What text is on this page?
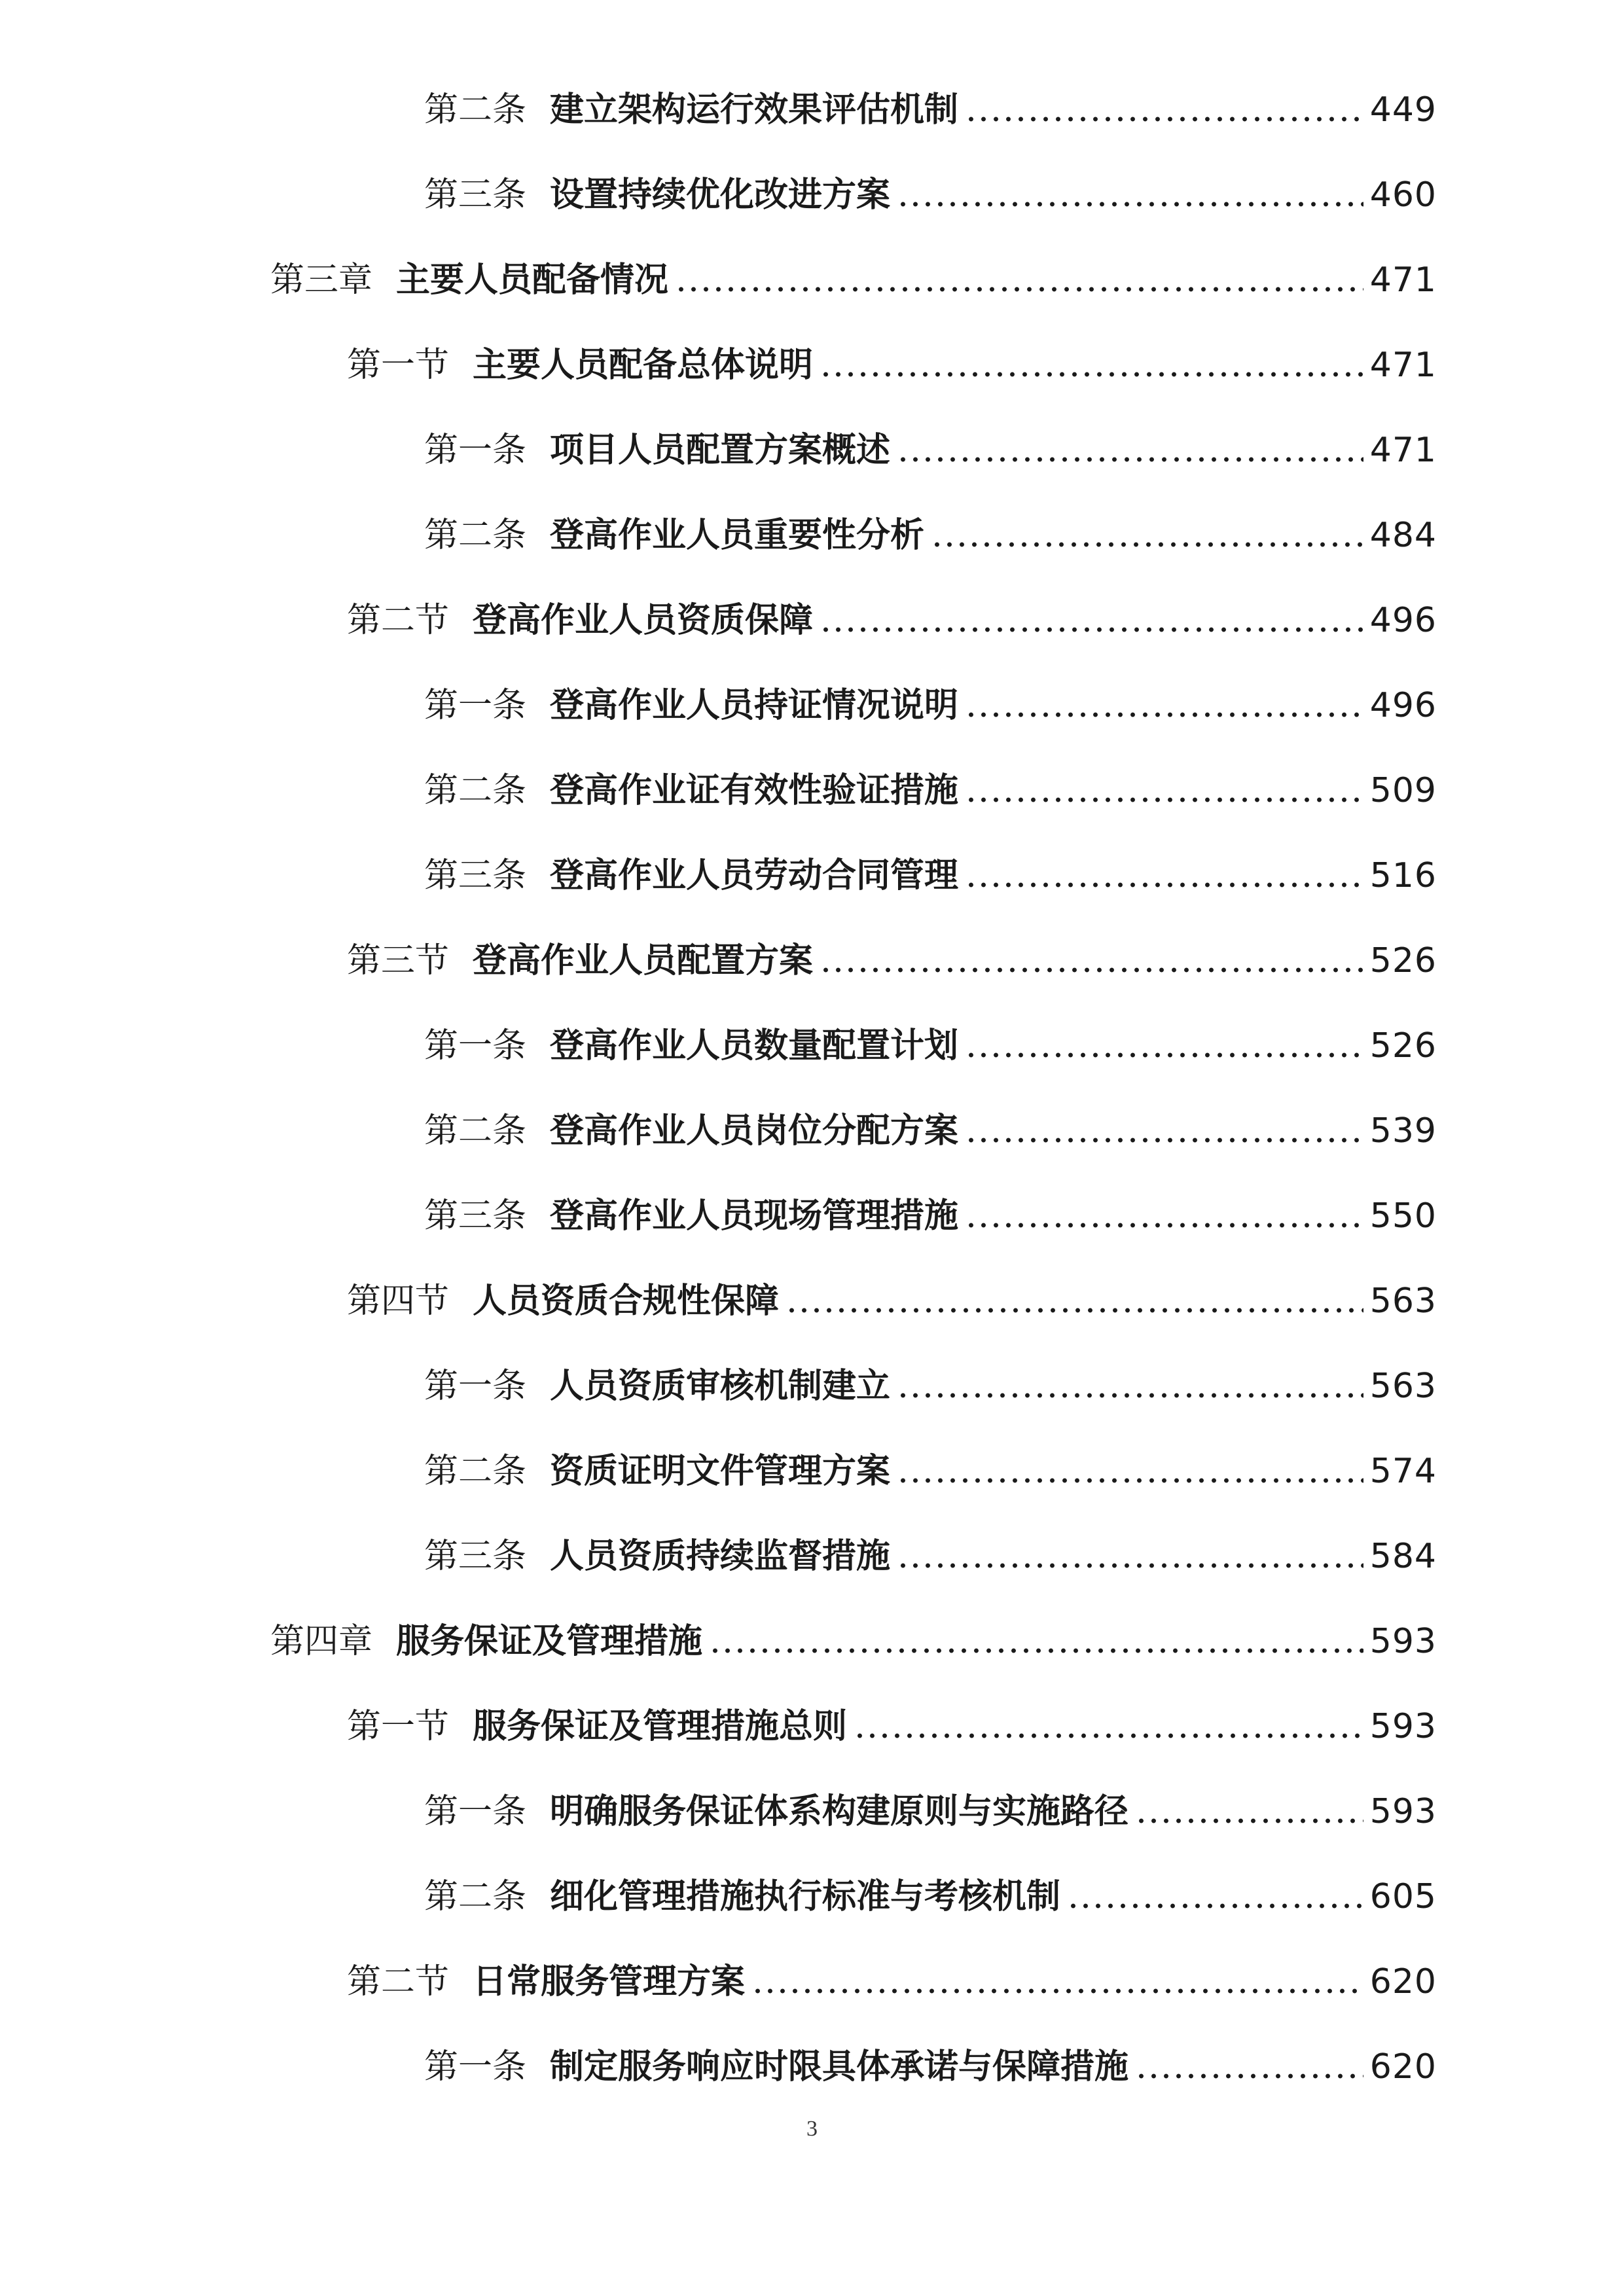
第二条 建立架构运行效果评估机制	449
第三条 设置持续优化改进方案	460
第三章 主要人员配备情况	471
第一节 主要人员配备总体说明	471
第一条 项目人员配置方案概述	471
第二条 登高作业人员重要性分析	484
第二节 登高作业人员资质保障	496
第一条 登高作业人员持证情况说明	496
第二条 登高作业证有效性验证措施	509
第三条 登高作业人员劳动合同管理	516
第三节 登高作业人员配置方案	526
第一条 登高作业人员数量配置计划	526
第二条 登高作业人员岗位分配方案	539
第三条 登高作业人员现场管理措施	550
第四节 人员资质合规性保障	563
第一条 人员资质审核机制建立	563
第二条 资质证明文件管理方案	574
第三条 人员资质持续监督措施	584
第四章 服务保证及管理措施	593
第一节 服务保证及管理措施总则	593
第一条 明确服务保证体系构建原则与实施路径	593
第二条 细化管理措施执行标准与考核机制	605
第二节 日常服务管理方案	620
第一条 制定服务响应时限具体承诺与保障措施	620
3
